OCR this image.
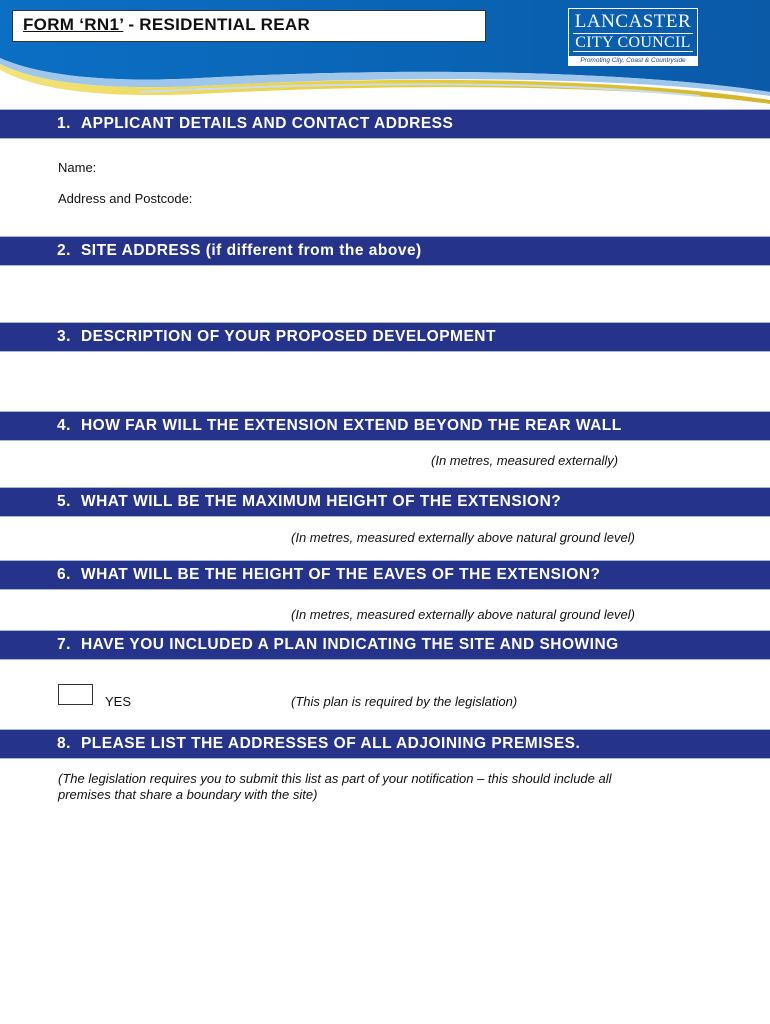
FORM ‘RN1’ - RESIDENTIAL REAR	LANCASTER
CITY COUNCIL
Promoting City, Coast & Countryside
1. APPLICANT DETAILS AND CONTACT ADDRESS
Name:
Address and Postcode:
2. SITE ADDRESS (if different from the above)
3. DESCRIPTION OF YOUR PROPOSED DEVELOPMENT
4. HOW FAR WILL THE EXTENSION EXTEND BEYOND THE REAR WALL
(In metres, measured externally)
5. WHAT WILL BE THE MAXIMUM HEIGHT OF THE EXTENSION?
(In metres, measured externally above natural ground level)
6. WHAT WILL BE THE HEIGHT OF THE EAVES OF THE EXTENSION?
(In metres, measured externally above natural ground level)
7. HAVE YOU INCLUDED A PLAN INDICATING THE SITE AND SHOWING
YES	(This plan is required by the legislation)
8. PLEASE LIST THE ADDRESSES OF ALL ADJOINING PREMISES.
(The legislation requires you to submit this list as part of your notification – this should include all
premises that share a boundary with the site)
